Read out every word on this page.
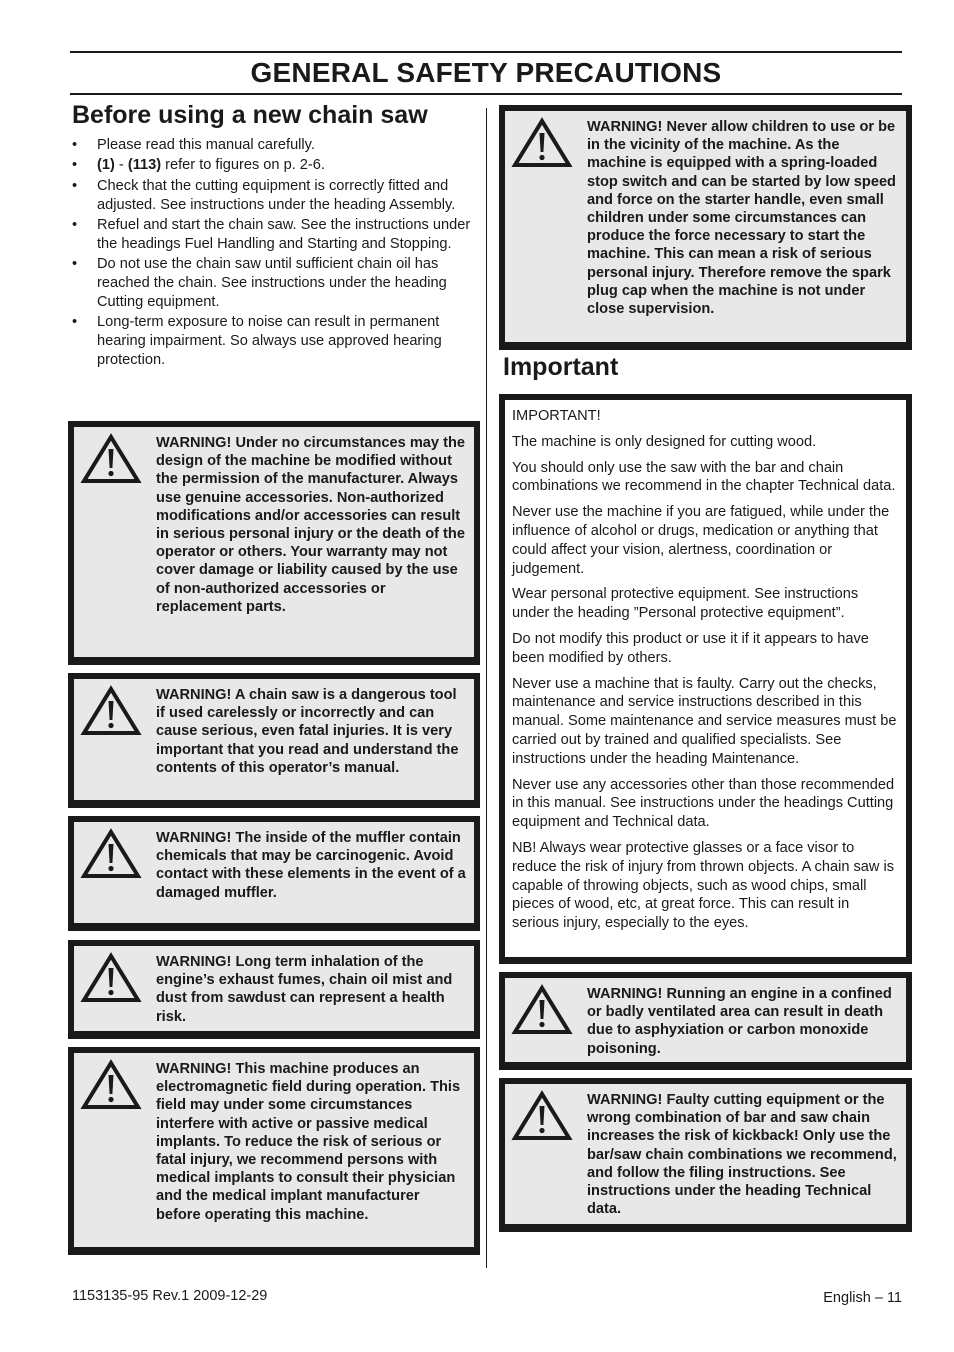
GENERAL SAFETY PRECAUTIONS
Before using a new chain saw
• Please read this manual carefully.
• (1) - (113) refer to figures on p. 2-6.
• Check that the cutting equipment is correctly fitted and adjusted. See instructions under the heading Assembly.
• Refuel and start the chain saw. See the instructions under the headings Fuel Handling and Starting and Stopping.
• Do not use the chain saw until sufficient chain oil has reached the chain. See instructions under the heading Cutting equipment.
• Long-term exposure to noise can result in permanent hearing impairment. So always use approved hearing protection.
WARNING! Under no circumstances may the design of the machine be modified without the permission of the manufacturer. Always use genuine accessories. Non-authorized modifications and/or accessories can result in serious personal injury or the death of the operator or others. Your warranty may not cover damage or liability caused by the use of non-authorized accessories or replacement parts.
WARNING! A chain saw is a dangerous tool if used carelessly or incorrectly and can cause serious, even fatal injuries. It is very important that you read and understand the contents of this operator’s manual.
WARNING! The inside of the muffler contain chemicals that may be carcinogenic. Avoid contact with these elements in the event of a damaged muffler.
WARNING! Long term inhalation of the engine’s exhaust fumes, chain oil mist and dust from sawdust can represent a health risk.
WARNING! This machine produces an electromagnetic field during operation. This field may under some circumstances interfere with active or passive medical implants. To reduce the risk of serious or fatal injury, we recommend persons with medical implants to consult their physician and the medical implant manufacturer before operating this machine.
WARNING! Never allow children to use or be in the vicinity of the machine. As the machine is equipped with a spring-loaded stop switch and can be started by low speed and force on the starter handle, even small children under some circumstances can produce the force necessary to start the machine. This can mean a risk of serious personal injury. Therefore remove the spark plug cap when the machine is not under close supervision.
Important

IMPORTANT!

The machine is only designed for cutting wood.

You should only use the saw with the bar and chain combinations we recommend in the chapter Technical data.

Never use the machine if you are fatigued, while under the influence of alcohol or drugs, medication or anything that could affect your vision, alertness, coordination or judgement.

Wear personal protective equipment. See instructions under the heading ”Personal protective equipment”.

Do not modify this product or use it if it appears to have been modified by others.

Never use a machine that is faulty. Carry out the checks, maintenance and service instructions described in this manual. Some maintenance and service measures must be carried out by trained and qualified specialists. See instructions under the heading Maintenance.

Never use any accessories other than those recommended in this manual. See instructions under the headings Cutting equipment and Technical data.

NB! Always wear protective glasses or a face visor to reduce the risk of injury from thrown objects. A chain saw is capable of throwing objects, such as wood chips, small pieces of wood, etc, at great force. This can result in serious injury, especially to the eyes.

WARNING! Running an engine in a confined or badly ventilated area can result in death due to asphyxiation or carbon monoxide poisoning.
WARNING! Faulty cutting equipment or the wrong combination of bar and saw chain increases the risk of kickback! Only use the bar/saw chain combinations we recommend, and follow the filing instructions. See instructions under the heading Technical data.
1153135-95 Rev.1 2009-12-29	English – 11
